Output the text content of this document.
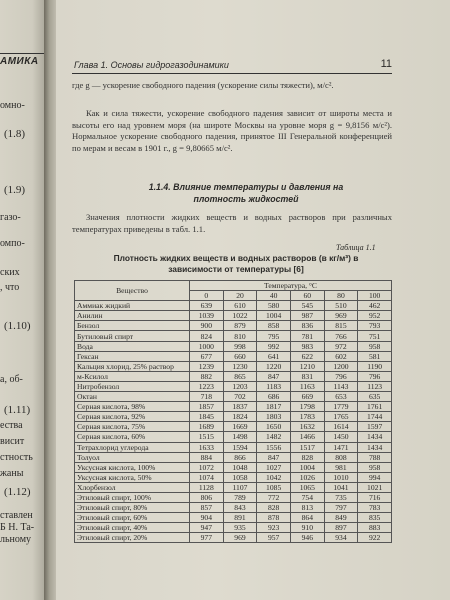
АМИКА
омно-
(1.8)
(1.9)
газо-
омпо-
ских
, что
(1.10)
а, об-
(1.11)
ества
висит
стность
жаны
(1.12)
ставлен
Б Н. Та-
льному
Глава 1. Основы гидрогазодинамики	11
где g — ускорение свободного падения (ускорение силы тяжести), м/с².
Как и сила тяжести, ускорение свободного падения зависит от широты места и высоты его над уровнем моря (на широте Москвы на уровне моря g = 9,8156 м/с²). Нормальное ускорение свободного падения, принятое III Генеральной конференцией по мерам и весам в 1901 г., g = 9,80665 м/с².
1.1.4. Влияние температуры и давления на плотность жидкостей
Значения плотности жидких веществ и водных растворов при различных температурах приведены в табл. 1.1.
Таблица 1.1
Плотность жидких веществ и водных растворов (в кг/м³) в зависимости от температуры [6]
Вещество	Температура, °С					
	0	20	40	60	80	100
Аммиак жидкий	639	610	580	545	510	462
Анилин	1039	1022	1004	987	969	952
Бензол	900	879	858	836	815	793
Бутиловый спирт	824	810	795	781	766	751
Вода	1000	998	992	983	972	958
Гексан	677	660	641	622	602	581
Кальция хлорид, 25% раствор	1239	1230	1220	1210	1200	1190
м-Ксилол	882	865	847	831	796	796
Нитробензол	1223	1203	1183	1163	1143	1123
Октан	718	702	686	669	653	635
Серная кислота, 98%	1857	1837	1817	1798	1779	1761
Серная кислота, 92%	1845	1824	1803	1783	1765	1744
Серная кислота, 75%	1689	1669	1650	1632	1614	1597
Серная кислота, 60%	1515	1498	1482	1466	1450	1434
Тетрахлорид углерода	1633	1594	1556	1517	1471	1434
Толуол	884	866	847	828	808	788
Уксусная кислота, 100%	1072	1048	1027	1004	981	958
Уксусная кислота, 50%	1074	1058	1042	1026	1010	994
Хлорбензол	1128	1107	1085	1065	1041	1021
Этиловый спирт, 100%	806	789	772	754	735	716
Этиловый спирт, 80%	857	843	828	813	797	783
Этиловый спирт, 60%	904	891	878	864	849	835
Этиловый спирт, 40%	947	935	923	910	897	883
Этиловый спирт, 20%	977	969	957	946	934	922
